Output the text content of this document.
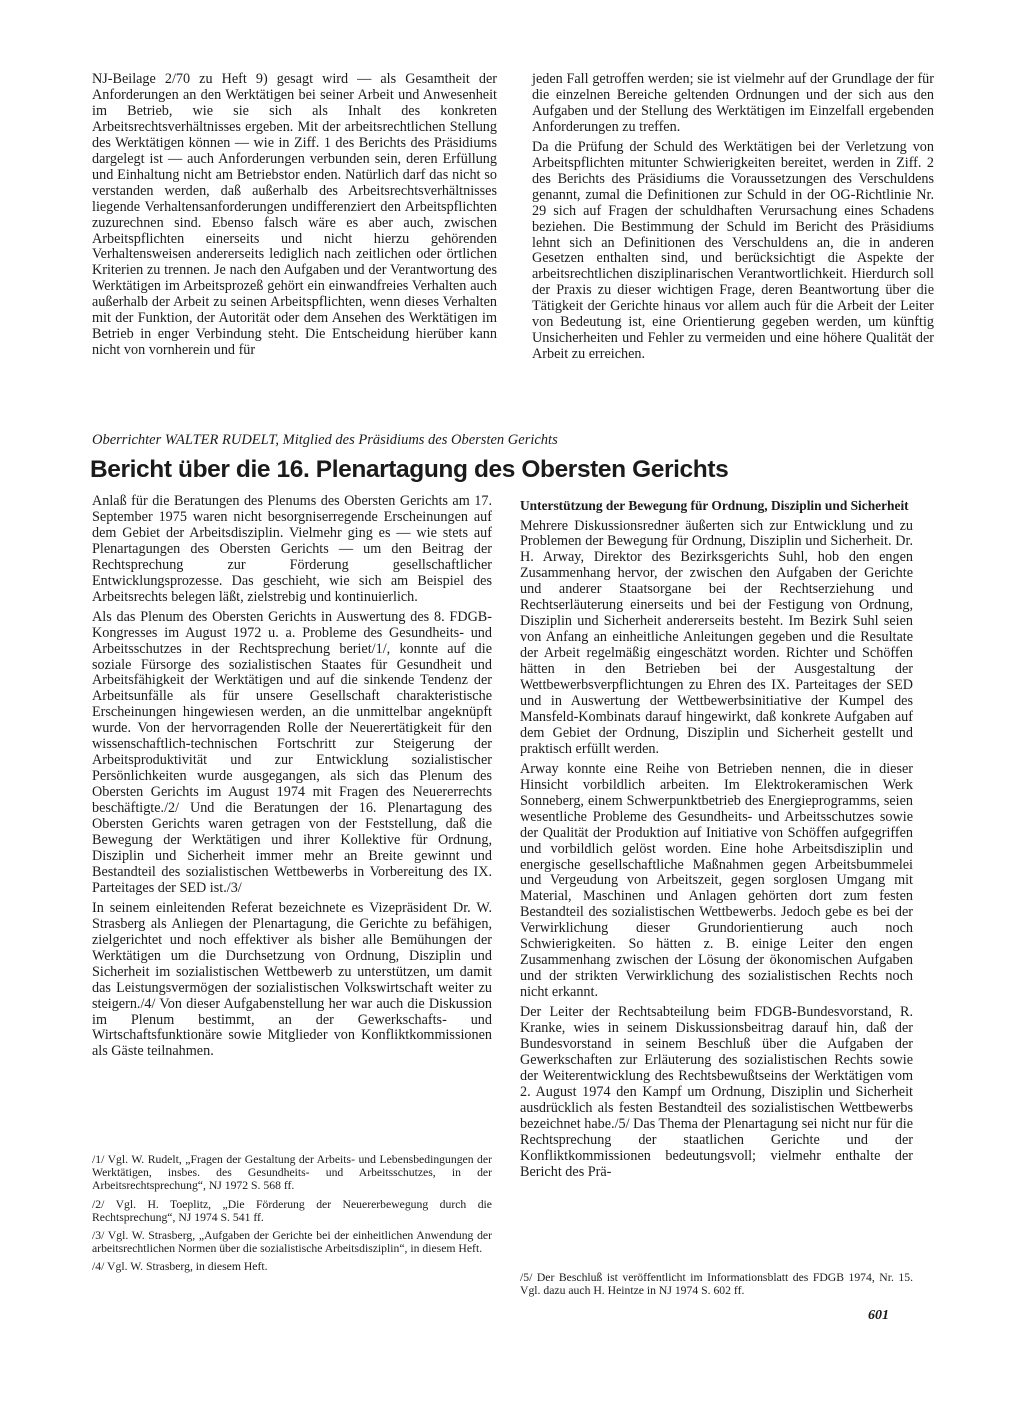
NJ-Beilage 2/70 zu Heft 9) gesagt wird — als Gesamtheit der Anforderungen an den Werktätigen bei seiner Arbeit und Anwesenheit im Betrieb, wie sie sich als Inhalt des konkreten Arbeitsrechtsverhältnisses ergeben. Mit der arbeitsrechtlichen Stellung des Werktätigen können — wie in Ziff. 1 des Berichts des Präsidiums dargelegt ist — auch Anforderungen verbunden sein, deren Erfüllung und Einhaltung nicht am Betriebstor enden. Natürlich darf das nicht so verstanden werden, daß außerhalb des Arbeitsrechtsverhältnisses liegende Verhaltensanforderungen undifferenziert den Arbeitspflichten zuzurechnen sind. Ebenso falsch wäre es aber auch, zwischen Arbeitspflichten einerseits und nicht hierzu gehörenden Verhaltensweisen andererseits lediglich nach zeitlichen oder örtlichen Kriterien zu trennen. Je nach den Aufgaben und der Verantwortung des Werktätigen im Arbeitsprozeß gehört ein einwandfreies Verhalten auch außerhalb der Arbeit zu seinen Arbeitspflichten, wenn dieses Verhalten mit der Funktion, der Autorität oder dem Ansehen des Werktätigen im Betrieb in enger Verbindung steht. Die Entscheidung hierüber kann nicht von vornherein und für

jeden Fall getroffen werden; sie ist vielmehr auf der Grundlage der für die einzelnen Bereiche geltenden Ordnungen und der sich aus den Aufgaben und der Stellung des Werktätigen im Einzelfall ergebenden Anforderungen zu treffen.

Da die Prüfung der Schuld des Werktätigen bei der Verletzung von Arbeitspflichten mitunter Schwierigkeiten bereitet, werden in Ziff. 2 des Berichts des Präsidiums die Voraussetzungen des Verschuldens genannt, zumal die Definitionen zur Schuld in der OG-Richtlinie Nr. 29 sich auf Fragen der schuldhaften Verursachung eines Schadens beziehen. Die Bestimmung der Schuld im Bericht des Präsidiums lehnt sich an Definitionen des Verschuldens an, die in anderen Gesetzen enthalten sind, und berücksichtigt die Aspekte der arbeitsrechtlichen disziplinarischen Verantwortlichkeit. Hierdurch soll der Praxis zu dieser wichtigen Frage, deren Beantwortung über die Tätigkeit der Gerichte hinaus vor allem auch für die Arbeit der Leiter von Bedeutung ist, eine Orientierung gegeben werden, um künftig Unsicherheiten und Fehler zu vermeiden und eine höhere Qualität der Arbeit zu erreichen.

Oberrichter WALTER RUDELT, Mitglied des Präsidiums des Obersten Gerichts
Bericht über die 16. Plenartagung des Obersten Gerichts

Anlaß für die Beratungen des Plenums des Obersten Gerichts am 17. September 1975 waren nicht besorgniserregende Erscheinungen auf dem Gebiet der Arbeitsdisziplin. Vielmehr ging es — wie stets auf Plenartagungen des Obersten Gerichts — um den Beitrag der Rechtsprechung zur Förderung gesellschaftlicher Entwicklungsprozesse. Das geschieht, wie sich am Beispiel des Arbeitsrechts belegen läßt, zielstrebig und kontinuierlich.

Als das Plenum des Obersten Gerichts in Auswertung des 8. FDGB-Kongresses im August 1972 u. a. Probleme des Gesundheits- und Arbeitsschutzes in der Rechtsprechung beriet/1/, konnte auf die soziale Fürsorge des sozialistischen Staates für Gesundheit und Arbeitsfähigkeit der Werktätigen und auf die sinkende Tendenz der Arbeitsunfälle als für unsere Gesellschaft charakteristische Erscheinungen hingewiesen werden, an die unmittelbar angeknüpft wurde. Von der hervorragenden Rolle der Neuerertätigkeit für den wissenschaftlich-technischen Fortschritt zur Steigerung der Arbeitsproduktivität und zur Entwicklung sozialistischer Persönlichkeiten wurde ausgegangen, als sich das Plenum des Obersten Gerichts im August 1974 mit Fragen des Neuererrechts beschäftigte./2/ Und die Beratungen der 16. Plenartagung des Obersten Gerichts waren getragen von der Feststellung, daß die Bewegung der Werktätigen und ihrer Kollektive für Ordnung, Disziplin und Sicherheit immer mehr an Breite gewinnt und Bestandteil des sozialistischen Wettbewerbs in Vorbereitung des IX. Parteitages der SED ist./3/

In seinem einleitenden Referat bezeichnete es Vizepräsident Dr. W. Strasberg als Anliegen der Plenartagung, die Gerichte zu befähigen, zielgerichtet und noch effektiver als bisher alle Bemühungen der Werktätigen um die Durchsetzung von Ordnung, Disziplin und Sicherheit im sozialistischen Wettbewerb zu unterstützen, um damit das Leistungsvermögen der sozialistischen Volkswirtschaft weiter zu steigern./4/ Von dieser Aufgabenstellung her war auch die Diskussion im Plenum bestimmt, an der Gewerkschafts- und Wirtschaftsfunktionäre sowie Mitglieder von Konfliktkommissionen als Gäste teilnahmen.

/1/ Vgl. W. Rudelt, „Fragen der Gestaltung der Arbeits- und Lebensbedingungen der Werktätigen, insbes. des Gesundheits- und Arbeitsschutzes, in der Arbeitsrechtsprechung“, NJ 1972 S. 568 ff.
/2/ Vgl. H. Toeplitz, „Die Förderung der Neuererbewegung durch die Rechtsprechung“, NJ 1974 S. 541 ff.
/3/ Vgl. W. Strasberg, „Aufgaben der Gerichte bei der einheitlichen Anwendung der arbeitsrechtlichen Normen über die sozialistische Arbeitsdisziplin“, in diesem Heft.
/4/ Vgl. W. Strasberg, in diesem Heft.
Unterstützung der Bewegung für Ordnung, Disziplin und Sicherheit

Mehrere Diskussionsredner äußerten sich zur Entwicklung und zu Problemen der Bewegung für Ordnung, Disziplin und Sicherheit. Dr. H. Arway, Direktor des Bezirksgerichts Suhl, hob den engen Zusammenhang hervor, der zwischen den Aufgaben der Gerichte und anderer Staatsorgane bei der Rechtserziehung und Rechtserläuterung einerseits und bei der Festigung von Ordnung, Disziplin und Sicherheit andererseits besteht. Im Bezirk Suhl seien von Anfang an einheitliche Anleitungen gegeben und die Resultate der Arbeit regelmäßig eingeschätzt worden. Richter und Schöffen hätten in den Betrieben bei der Ausgestaltung der Wettbewerbsverpflichtungen zu Ehren des IX. Parteitages der SED und in Auswertung der Wettbewerbsinitiative der Kumpel des Mansfeld-Kombinats darauf hingewirkt, daß konkrete Aufgaben auf dem Gebiet der Ordnung, Disziplin und Sicherheit gestellt und praktisch erfüllt werden.

Arway konnte eine Reihe von Betrieben nennen, die in dieser Hinsicht vorbildlich arbeiten. Im Elektrokeramischen Werk Sonneberg, einem Schwerpunktbetrieb des Energieprogramms, seien wesentliche Probleme des Gesundheits- und Arbeitsschutzes sowie der Qualität der Produktion auf Initiative von Schöffen aufgegriffen und vorbildlich gelöst worden. Eine hohe Arbeitsdisziplin und energische gesellschaftliche Maßnahmen gegen Arbeitsbummelei und Vergeudung von Arbeitszeit, gegen sorglosen Umgang mit Material, Maschinen und Anlagen gehörten dort zum festen Bestandteil des sozialistischen Wettbewerbs. Jedoch gebe es bei der Verwirklichung dieser Grundorientierung auch noch Schwierigkeiten. So hätten z. B. einige Leiter den engen Zusammenhang zwischen der Lösung der ökonomischen Aufgaben und der strikten Verwirklichung des sozialistischen Rechts noch nicht erkannt.

Der Leiter der Rechtsabteilung beim FDGB-Bundesvorstand, R. Kranke, wies in seinem Diskussionsbeitrag darauf hin, daß der Bundesvorstand in seinem Beschluß über die Aufgaben der Gewerkschaften zur Erläuterung des sozialistischen Rechts sowie der Weiterentwicklung des Rechtsbewußtseins der Werktätigen vom 2. August 1974 den Kampf um Ordnung, Disziplin und Sicherheit ausdrücklich als festen Bestandteil des sozialistischen Wettbewerbs bezeichnet habe./5/ Das Thema der Plenartagung sei nicht nur für die Rechtsprechung der staatlichen Gerichte und der Konfliktkommissionen bedeutungsvoll; vielmehr enthalte der Bericht des Prä-

/5/ Der Beschluß ist veröffentlicht im Informationsblatt des FDGB 1974, Nr. 15. Vgl. dazu auch H. Heintze in NJ 1974 S. 602 ff.
601
